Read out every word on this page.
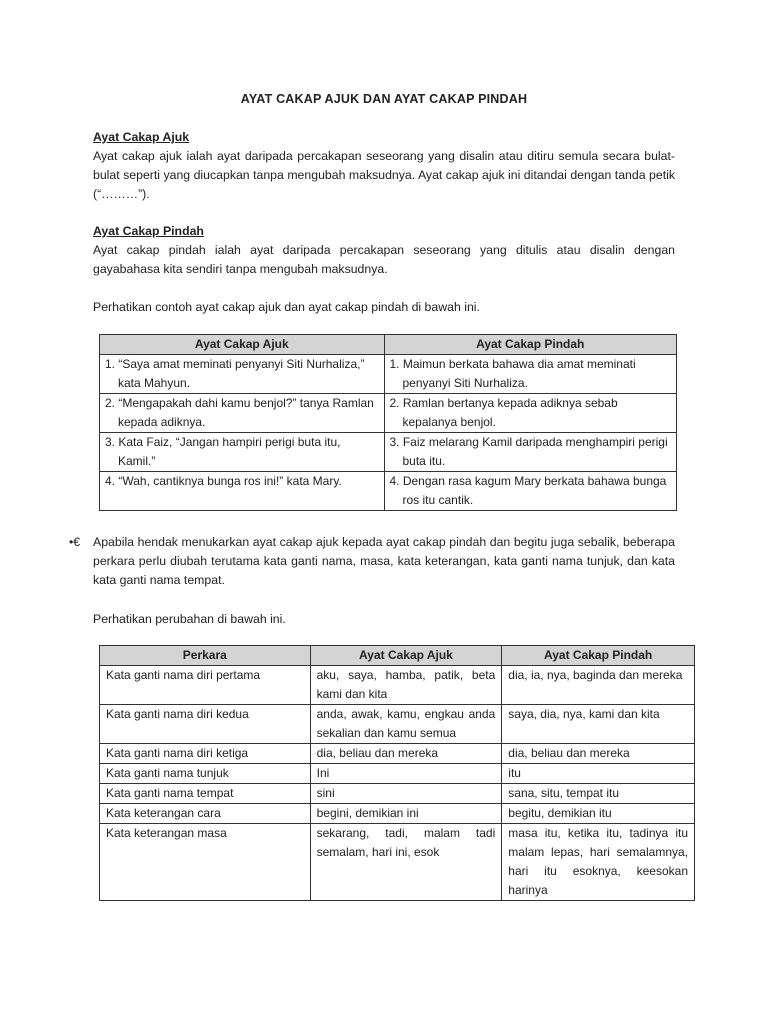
AYAT CAKAP AJUK DAN AYAT CAKAP PINDAH
Ayat Cakap Ajuk
Ayat cakap ajuk ialah ayat daripada percakapan seseorang yang disalin atau ditiru semula secara bulat-bulat seperti yang diucapkan tanpa mengubah maksudnya. Ayat cakap ajuk ini ditandai dengan tanda petik (“………”).
Ayat Cakap Pindah
Ayat cakap pindah ialah ayat daripada percakapan seseorang yang ditulis atau disalin dengan gayabahasa kita sendiri tanpa mengubah maksudnya.
Perhatikan contoh ayat cakap ajuk dan ayat cakap pindah di bawah ini.
Ayat Cakap Ajuk	Ayat Cakap Pindah
1. “Saya amat meminati penyanyi Siti Nurhaliza,” kata Mahyun.	1. Maimun berkata bahawa dia amat meminati penyanyi Siti Nurhaliza.
2. “Mengapakah dahi kamu benjol?” tanya Ramlan kepada adiknya.	2. Ramlan bertanya kepada adiknya sebab kepalanya benjol.
3. Kata Faiz, “Jangan hampiri perigi buta itu, Kamil.”	3. Faiz melarang Kamil daripada menghampiri perigi buta itu.
4. “Wah, cantiknya bunga ros ini!” kata Mary.	4. Dengan rasa kagum Mary berkata bahawa bunga ros itu cantik.
•€ Apabila hendak menukarkan ayat cakap ajuk kepada ayat cakap pindah dan begitu juga sebalik, beberapa perkara perlu diubah terutama kata ganti nama, masa, kata keterangan, kata ganti nama tunjuk, dan kata kata ganti nama tempat.
Perhatikan perubahan di bawah ini.
Perkara	Ayat Cakap Ajuk	Ayat Cakap Pindah
Kata ganti nama diri pertama	aku, saya, hamba, patik, beta kami dan kita	dia, ia, nya, baginda dan mereka
Kata ganti nama diri kedua	anda, awak, kamu, engkau anda sekalian dan kamu semua	saya, dia, nya, kami dan kita
Kata ganti nama diri ketiga	dia, beliau dan mereka	dia, beliau dan mereka
Kata ganti nama tunjuk	Ini	itu
Kata ganti nama tempat	sini	sana, situ, tempat itu
Kata keterangan cara	begini, demikian ini	begitu, demikian itu
Kata keterangan masa	sekarang, tadi, malam tadi semalam, hari ini, esok	masa itu, ketika itu, tadinya itu malam lepas, hari semalamnya, hari itu esoknya, keesokan harinya
